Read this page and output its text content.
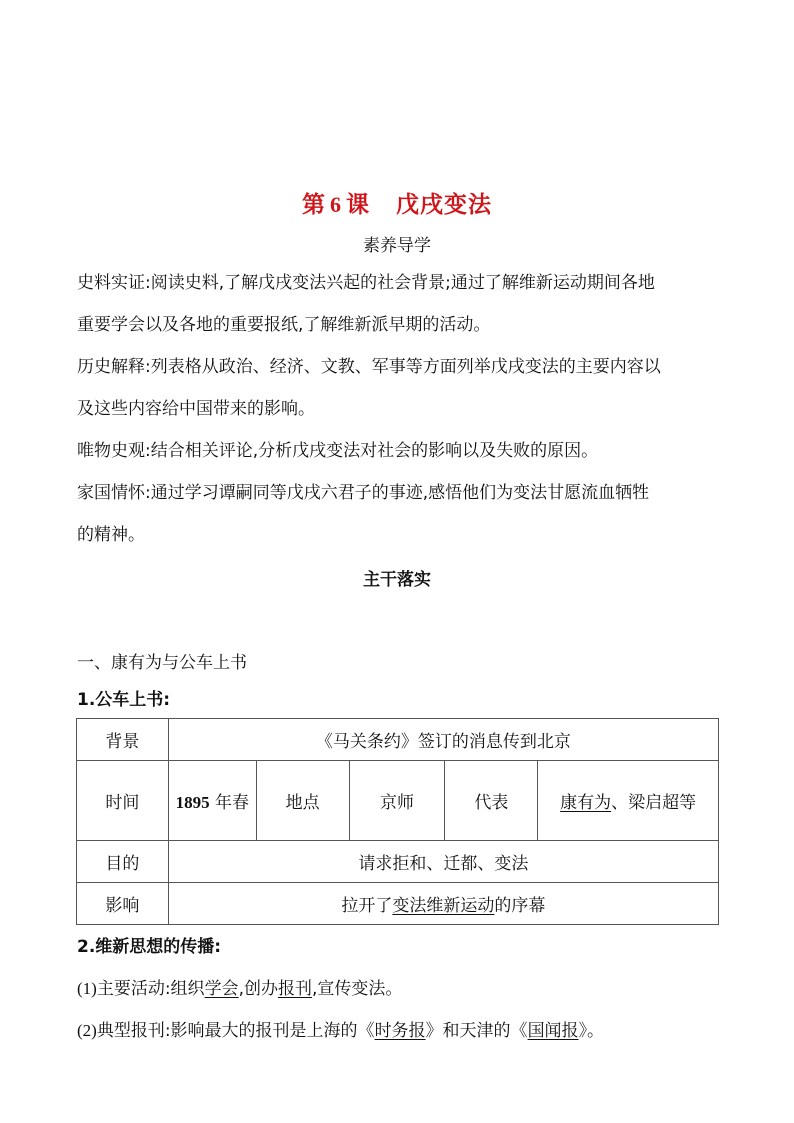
第 6 课 戊戌变法
素养导学
史料实证:阅读史料,了解戊戌变法兴起的社会背景;通过了解维新运动期间各地
重要学会以及各地的重要报纸,了解维新派早期的活动。
历史解释:列表格从政治、经济、文教、军事等方面列举戊戌变法的主要内容以
及这些内容给中国带来的影响。
唯物史观:结合相关评论,分析戊戌变法对社会的影响以及失败的原因。
家国情怀:通过学习谭嗣同等戊戌六君子的事迹,感悟他们为变法甘愿流血牺牲
的精神。
主干落实
一、康有为与公车上书
1.公车上书:
背景	《马关条约》签订的消息传到北京				
时间	1895 年春	地点	京师	代表	康有为、梁启超等
目的	请求拒和、迁都、变法				
影响	拉开了变法维新运动的序幕				
2.维新思想的传播:
(1)主要活动:组织学会,创办报刊,宣传变法。
(2)典型报刊:影响最大的报刊是上海的《时务报》和天津的《国闻报》。
